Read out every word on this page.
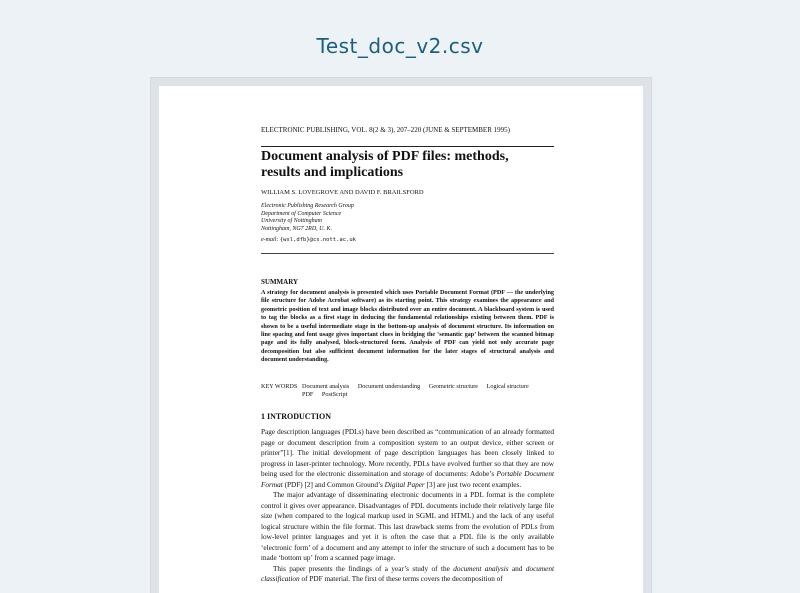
Test_doc_v2.csv
ELECTRONIC PUBLISHING, VOL. 8(2 & 3), 207–220 (JUNE & SEPTEMBER 1995)
Document analysis of PDF files: methods,
results and implications
WILLIAM S. LOVEGROVE AND DAVID F. BRAILSFORD
Electronic Publishing Research Group
Department of Computer Science
University of Nottingham
Nottingham, NG7 2RD, U. K.
e-mail: {wsl,dfb}@cs.nott.ac.uk
SUMMARY
A strategy for document analysis is presented which uses Portable Document Format (PDF — the underlying file structure for Adobe Acrobat software) as its starting point. This strategy examines the appearance and geometric position of text and image blocks distributed over an entire document. A blackboard system is used to tag the blocks as a first stage in deducing the fundamental relationships existing between them. PDF is shown to be a useful intermediate stage in the bottom-up analysis of document structure. Its information on line spacing and font usage gives important clues in bridging the ‘semantic gap’ between the scanned bitmap page and its fully analysed, block-structured form. Analysis of PDF can yield not only accurate page decomposition but also sufficient document information for the later stages of structural analysis and document understanding.
KEY WORDS Document analysis Document understanding Geometric structure Logical structure
PDF PostScript
1 INTRODUCTION

Page description languages (PDLs) have been described as “communication of an already formatted page or document description from a composition system to an output device, either screen or printer”[1]. The initial development of page description languages has been closely linked to progress in laser-printer technology. More recently, PDLs have evolved further so that they are now being used for the electronic dissemination and storage of documents: Adobe’s Portable Document Format (PDF) [2] and Common Ground’s Digital Paper [3] are just two recent examples.

The major advantage of disseminating electronic documents in a PDL format is the complete control it gives over appearance. Disadvantages of PDL documents include their relatively large file size (when compared to the logical markup used in SGML and HTML) and the lack of any useful logical structure within the file format. This last drawback stems from the evolution of PDLs from low-level printer languages and yet it is often the case that a PDL file is the only available ‘electronic form’ of a document and any attempt to infer the structure of such a document has to be made ‘bottom up’ from a scanned page image.

This paper presents the findings of a year’s study of the document analysis and document classification of PDF material. The first of these terms covers the decomposition of
